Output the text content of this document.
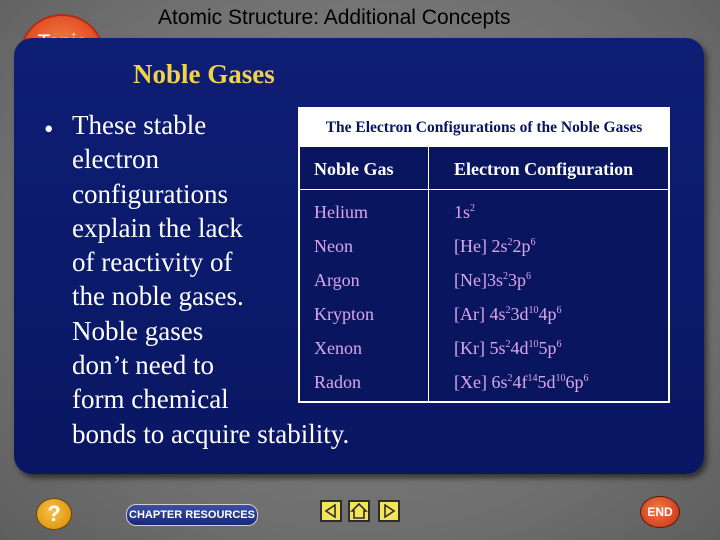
Atomic Structure: Additional Concepts
Noble Gases
• These stable
electron
configurations
explain the lack
of reactivity of
the noble gases.
Noble gases
don’t need to
form chemical
bonds to acquire stability.
The Electron Configurations of the Noble Gases
Noble Gas	Electron Configuration
Helium	$1s^2$
Neon	[He] $2s^22p^6$
Argon	$[Ne]3s^23p^6$
Krypton	[Ar] $4s^23d^{10}4p^6$
Xenon	[Kr] $5s^24d^{10}5p^6$
Radon	[Xe] $6s^24f^{14}5d^{10}6p^6$
?	CHAPTER RESOURCES	END
